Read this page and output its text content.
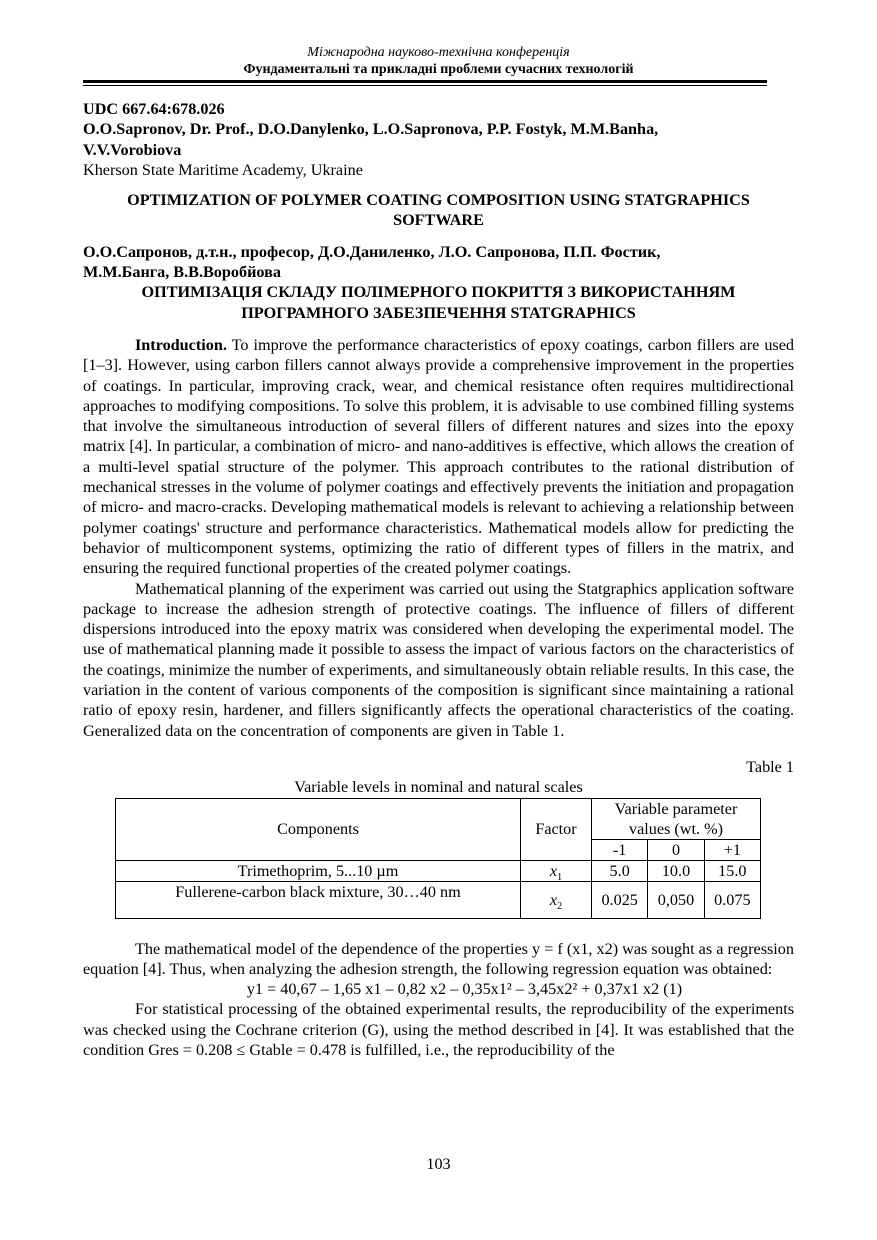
Міжнародна науково-технічна конференція
Фундаментальні та прикладні проблеми сучасних технологій
UDC 667.64:678.026
O.O.Sapronov, Dr. Prof., D.O.Danylenko, L.O.Sapronova, P.P. Fostyk, M.M.Banha,
V.V.Vorobiova
Kherson State Maritime Academy, Ukraine
OPTIMIZATION OF POLYMER COATING COMPOSITION USING STATGRAPHICS
SOFTWARE
О.О.Сапронов, д.т.н., професор, Д.О.Даниленко, Л.О. Сапронова, П.П. Фостик,
М.М.Банга, В.В.Воробйова
ОПТИМІЗАЦІЯ СКЛАДУ ПОЛІМЕРНОГО ПОКРИТТЯ З ВИКОРИСТАННЯМ
ПРОГРАМНОГО ЗАБЕЗПЕЧЕННЯ STATGRAPHICS

Introduction. To improve the performance characteristics of epoxy coatings, carbon fillers are used [1–3]. However, using carbon fillers cannot always provide a comprehensive improvement in the properties of coatings. In particular, improving crack, wear, and chemical resistance often requires multidirectional approaches to modifying compositions. To solve this problem, it is advisable to use combined filling systems that involve the simultaneous introduction of several fillers of different natures and sizes into the epoxy matrix [4]. In particular, a combination of micro- and nano-additives is effective, which allows the creation of a multi-level spatial structure of the polymer. This approach contributes to the rational distribution of mechanical stresses in the volume of polymer coatings and effectively prevents the initiation and propagation of micro- and macro-cracks. Developing mathematical models is relevant to achieving a relationship between polymer coatings' structure and performance characteristics. Mathematical models allow for predicting the behavior of multicomponent systems, optimizing the ratio of different types of fillers in the matrix, and ensuring the required functional properties of the created polymer coatings.

Mathematical planning of the experiment was carried out using the Statgraphics application software package to increase the adhesion strength of protective coatings. The influence of fillers of different dispersions introduced into the epoxy matrix was considered when developing the experimental model. The use of mathematical planning made it possible to assess the impact of various factors on the characteristics of the coatings, minimize the number of experiments, and simultaneously obtain reliable results. In this case, the variation in the content of various components of the composition is significant since maintaining a rational ratio of epoxy resin, hardener, and fillers significantly affects the operational characteristics of the coating. Generalized data on the concentration of components are given in Table 1.

Table 1
Variable levels in nominal and natural scales
Components	Factor	Variable parameter values (wt. %)		
		-1	0	+1
Trimethoprim, 5...10 µm	$x_1$	5.0	10.0	15.0
Fullerene-carbon black mixture, 30…40 nm	$x_2$	0.025	0,050	0.075

The mathematical model of the dependence of the properties y = f (x1, x2) was sought as a regression equation [4]. Thus, when analyzing the adhesion strength, the following regression equation was obtained:

y1 = 40,67 – 1,65 x1 – 0,82 x2 – 0,35x1² – 3,45x2² + 0,37x1 x2 (1)

For statistical processing of the obtained experimental results, the reproducibility of the experiments was checked using the Cochrane criterion (G), using the method described in [4]. It was established that the condition Gres = 0.208 ≤ Gtable = 0.478 is fulfilled, i.e., the reproducibility of the

103
